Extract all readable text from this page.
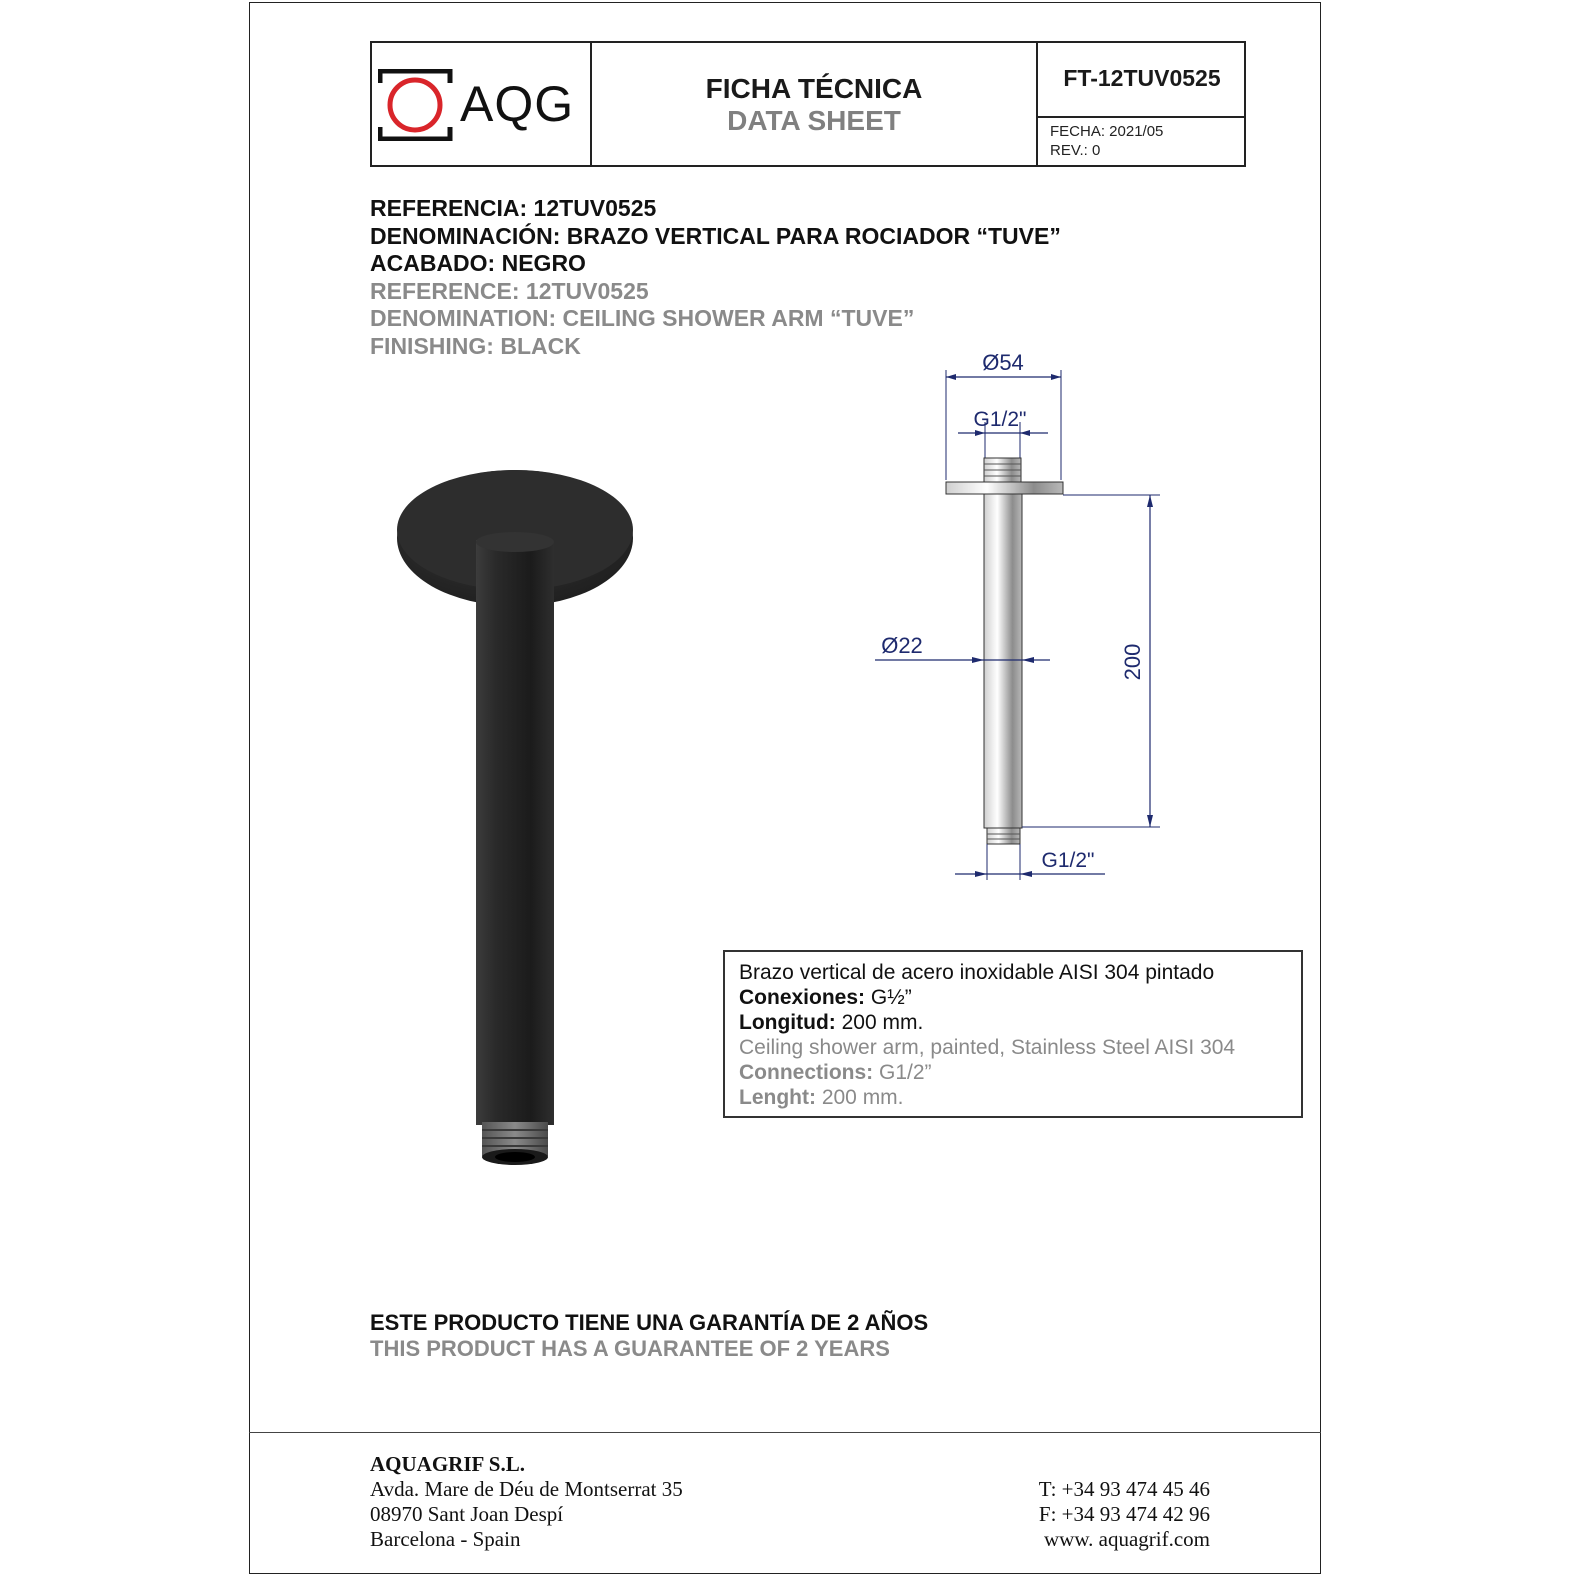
AQG	FICHA TÉCNICA
DATA SHEET
FT-12TUV0525
FECHA: 2021/05
REV.: 0
REFERENCIA: 12TUV0525
DENOMINACIÓN: BRAZO VERTICAL PARA ROCIADOR “TUVE”
ACABADO: NEGRO
REFERENCE: 12TUV0525
DENOMINATION: CEILING SHOWER ARM “TUVE”
FINISHING: BLACK
Ø54
G1/2"
200
Ø22
G1/2"
Brazo vertical de acero inoxidable AISI 304 pintado
Conexiones: G½”
Longitud: 200 mm.
Ceiling shower arm, painted, Stainless Steel AISI 304
Connections: G1/2”
Lenght: 200 mm.
ESTE PRODUCTO TIENE UNA GARANTÍA DE 2 AÑOS
THIS PRODUCT HAS A GUARANTEE OF 2 YEARS
AQUAGRIF S.L.
Avda. Mare de Déu de Montserrat 35
08970 Sant Joan Despí
Barcelona - Spain
T: +34 93 474 45 46
F: +34 93 474 42 96
www. aquagrif.com
